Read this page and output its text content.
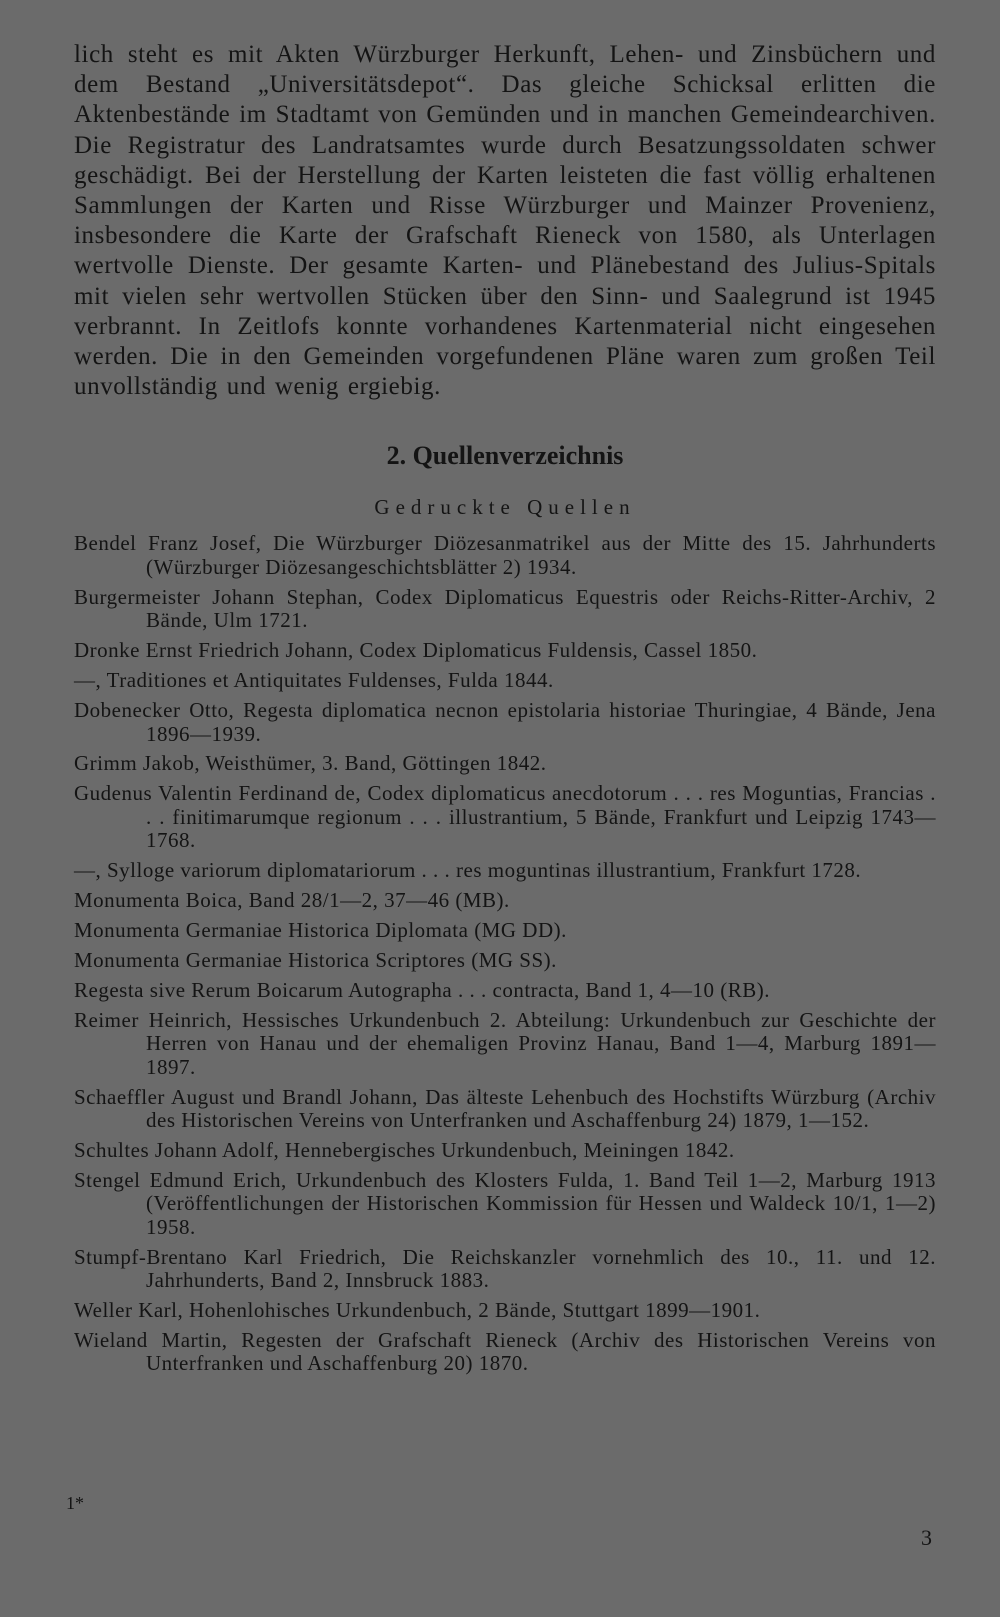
lich steht es mit Akten Würzburger Herkunft, Lehen- und Zinsbüchern und dem Bestand „Universitätsdepot“. Das gleiche Schicksal erlitten die Aktenbestände im Stadtamt von Gemünden und in manchen Gemeindearchiven. Die Registratur des Landratsamtes wurde durch Besatzungssoldaten schwer geschädigt. Bei der Herstellung der Karten leisteten die fast völlig erhaltenen Sammlungen der Karten und Risse Würzburger und Mainzer Provenienz, insbesondere die Karte der Grafschaft Rieneck von 1580, als Unterlagen wertvolle Dienste. Der gesamte Karten- und Plänebestand des Julius-Spitals mit vielen sehr wertvollen Stücken über den Sinn- und Saalegrund ist 1945 verbrannt. In Zeitlofs konnte vorhandenes Kartenmaterial nicht eingesehen werden. Die in den Gemeinden vorgefundenen Pläne waren zum großen Teil unvollständig und wenig ergiebig.

2. Quellenverzeichnis
Gedruckte Quellen
Bendel Franz Josef, Die Würzburger Diözesanmatrikel aus der Mitte des 15. Jahrhunderts (Würzburger Diözesangeschichtsblätter 2) 1934.
Burgermeister Johann Stephan, Codex Diplomaticus Equestris oder Reichs-Ritter-Archiv, 2 Bände, Ulm 1721.
Dronke Ernst Friedrich Johann, Codex Diplomaticus Fuldensis, Cassel 1850.
—, Traditiones et Antiquitates Fuldenses, Fulda 1844.
Dobenecker Otto, Regesta diplomatica necnon epistolaria historiae Thuringiae, 4 Bände, Jena 1896—1939.
Grimm Jakob, Weisthümer, 3. Band, Göttingen 1842.
Gudenus Valentin Ferdinand de, Codex diplomaticus anecdotorum . . . res Moguntias, Francias . . . finitimarumque regionum . . . illustrantium, 5 Bände, Frankfurt und Leipzig 1743—1768.
—, Sylloge variorum diplomatariorum . . . res moguntinas illustrantium, Frankfurt 1728.
Monumenta Boica, Band 28/1—2, 37—46 (MB).
Monumenta Germaniae Historica Diplomata (MG DD).
Monumenta Germaniae Historica Scriptores (MG SS).
Regesta sive Rerum Boicarum Autographa . . . contracta, Band 1, 4—10 (RB).
Reimer Heinrich, Hessisches Urkundenbuch 2. Abteilung: Urkundenbuch zur Geschichte der Herren von Hanau und der ehemaligen Provinz Hanau, Band 1—4, Marburg 1891—1897.
Schaeffler August und Brandl Johann, Das älteste Lehenbuch des Hochstifts Würzburg (Archiv des Historischen Vereins von Unterfranken und Aschaffenburg 24) 1879, 1—152.
Schultes Johann Adolf, Hennebergisches Urkundenbuch, Meiningen 1842.
Stengel Edmund Erich, Urkundenbuch des Klosters Fulda, 1. Band Teil 1—2, Marburg 1913 (Veröffentlichungen der Historischen Kommission für Hessen und Waldeck 10/1, 1—2) 1958.
Stumpf-Brentano Karl Friedrich, Die Reichskanzler vornehmlich des 10., 11. und 12. Jahrhunderts, Band 2, Innsbruck 1883.
Weller Karl, Hohenlohisches Urkundenbuch, 2 Bände, Stuttgart 1899—1901.
Wieland Martin, Regesten der Grafschaft Rieneck (Archiv des Historischen Vereins von Unterfranken und Aschaffenburg 20) 1870.
1*
3
